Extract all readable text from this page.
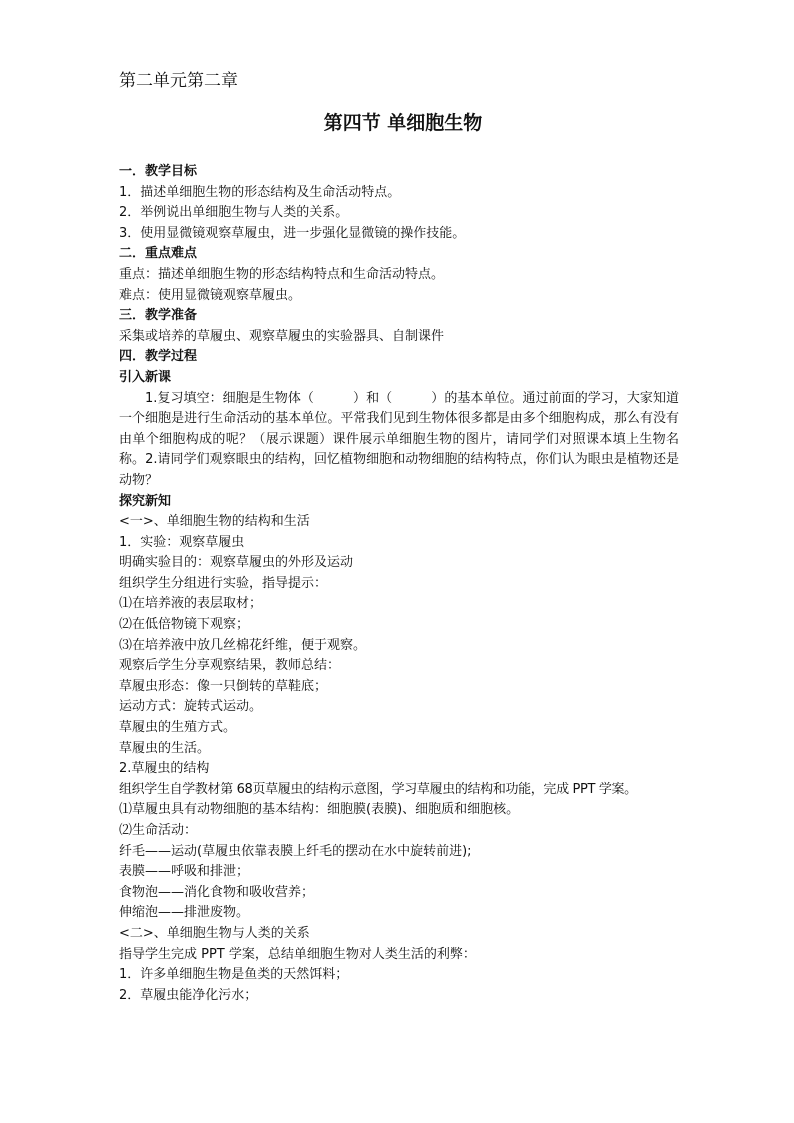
第二单元第二章
第四节 单细胞生物
一．教学目标
1．描述单细胞生物的形态结构及生命活动特点。
2．举例说出单细胞生物与人类的关系。
3．使用显微镜观察草履虫，进一步强化显微镜的操作技能。
二．重点难点
重点：描述单细胞生物的形态结构特点和生命活动特点。
难点：使用显微镜观察草履虫。
三．教学准备
采集或培养的草履虫、观察草履虫的实验器具、自制课件
四．教学过程
引入新课
1.复习填空：细胞是生物体（　　　）和（　　　）的基本单位。通过前面的学习，大家知道一个细胞是进行生命活动的基本单位。平常我们见到生物体很多都是由多个细胞构成，那么有没有由单个细胞构成的呢？（展示课题）课件展示单细胞生物的图片，请同学们对照课本填上生物名称。2.请同学们观察眼虫的结构，回忆植物细胞和动物细胞的结构特点，你们认为眼虫是植物还是动物？
探究新知
<一>、单细胞生物的结构和生活
1．实验：观察草履虫
明确实验目的：观察草履虫的外形及运动
组织学生分组进行实验，指导提示：
⑴在培养液的表层取材；
⑵在低倍物镜下观察；
⑶在培养液中放几丝棉花纤维，便于观察。
观察后学生分享观察结果，教师总结：
草履虫形态：像一只倒转的草鞋底；
运动方式：旋转式运动。
草履虫的生殖方式。
草履虫的生活。
2.草履虫的结构
组织学生自学教材第 68页草履虫的结构示意图，学习草履虫的结构和功能，完成 PPT 学案。
⑴草履虫具有动物细胞的基本结构：细胞膜(表膜)、细胞质和细胞核。
⑵生命活动：
纤毛——运动(草履虫依靠表膜上纤毛的摆动在水中旋转前进);
表膜——呼吸和排泄；
食物泡——消化食物和吸收营养；
伸缩泡——排泄废物。
<二>、单细胞生物与人类的关系
指导学生完成 PPT 学案，总结单细胞生物对人类生活的利弊：
1．许多单细胞生物是鱼类的天然饵料；
2．草履虫能净化污水；
